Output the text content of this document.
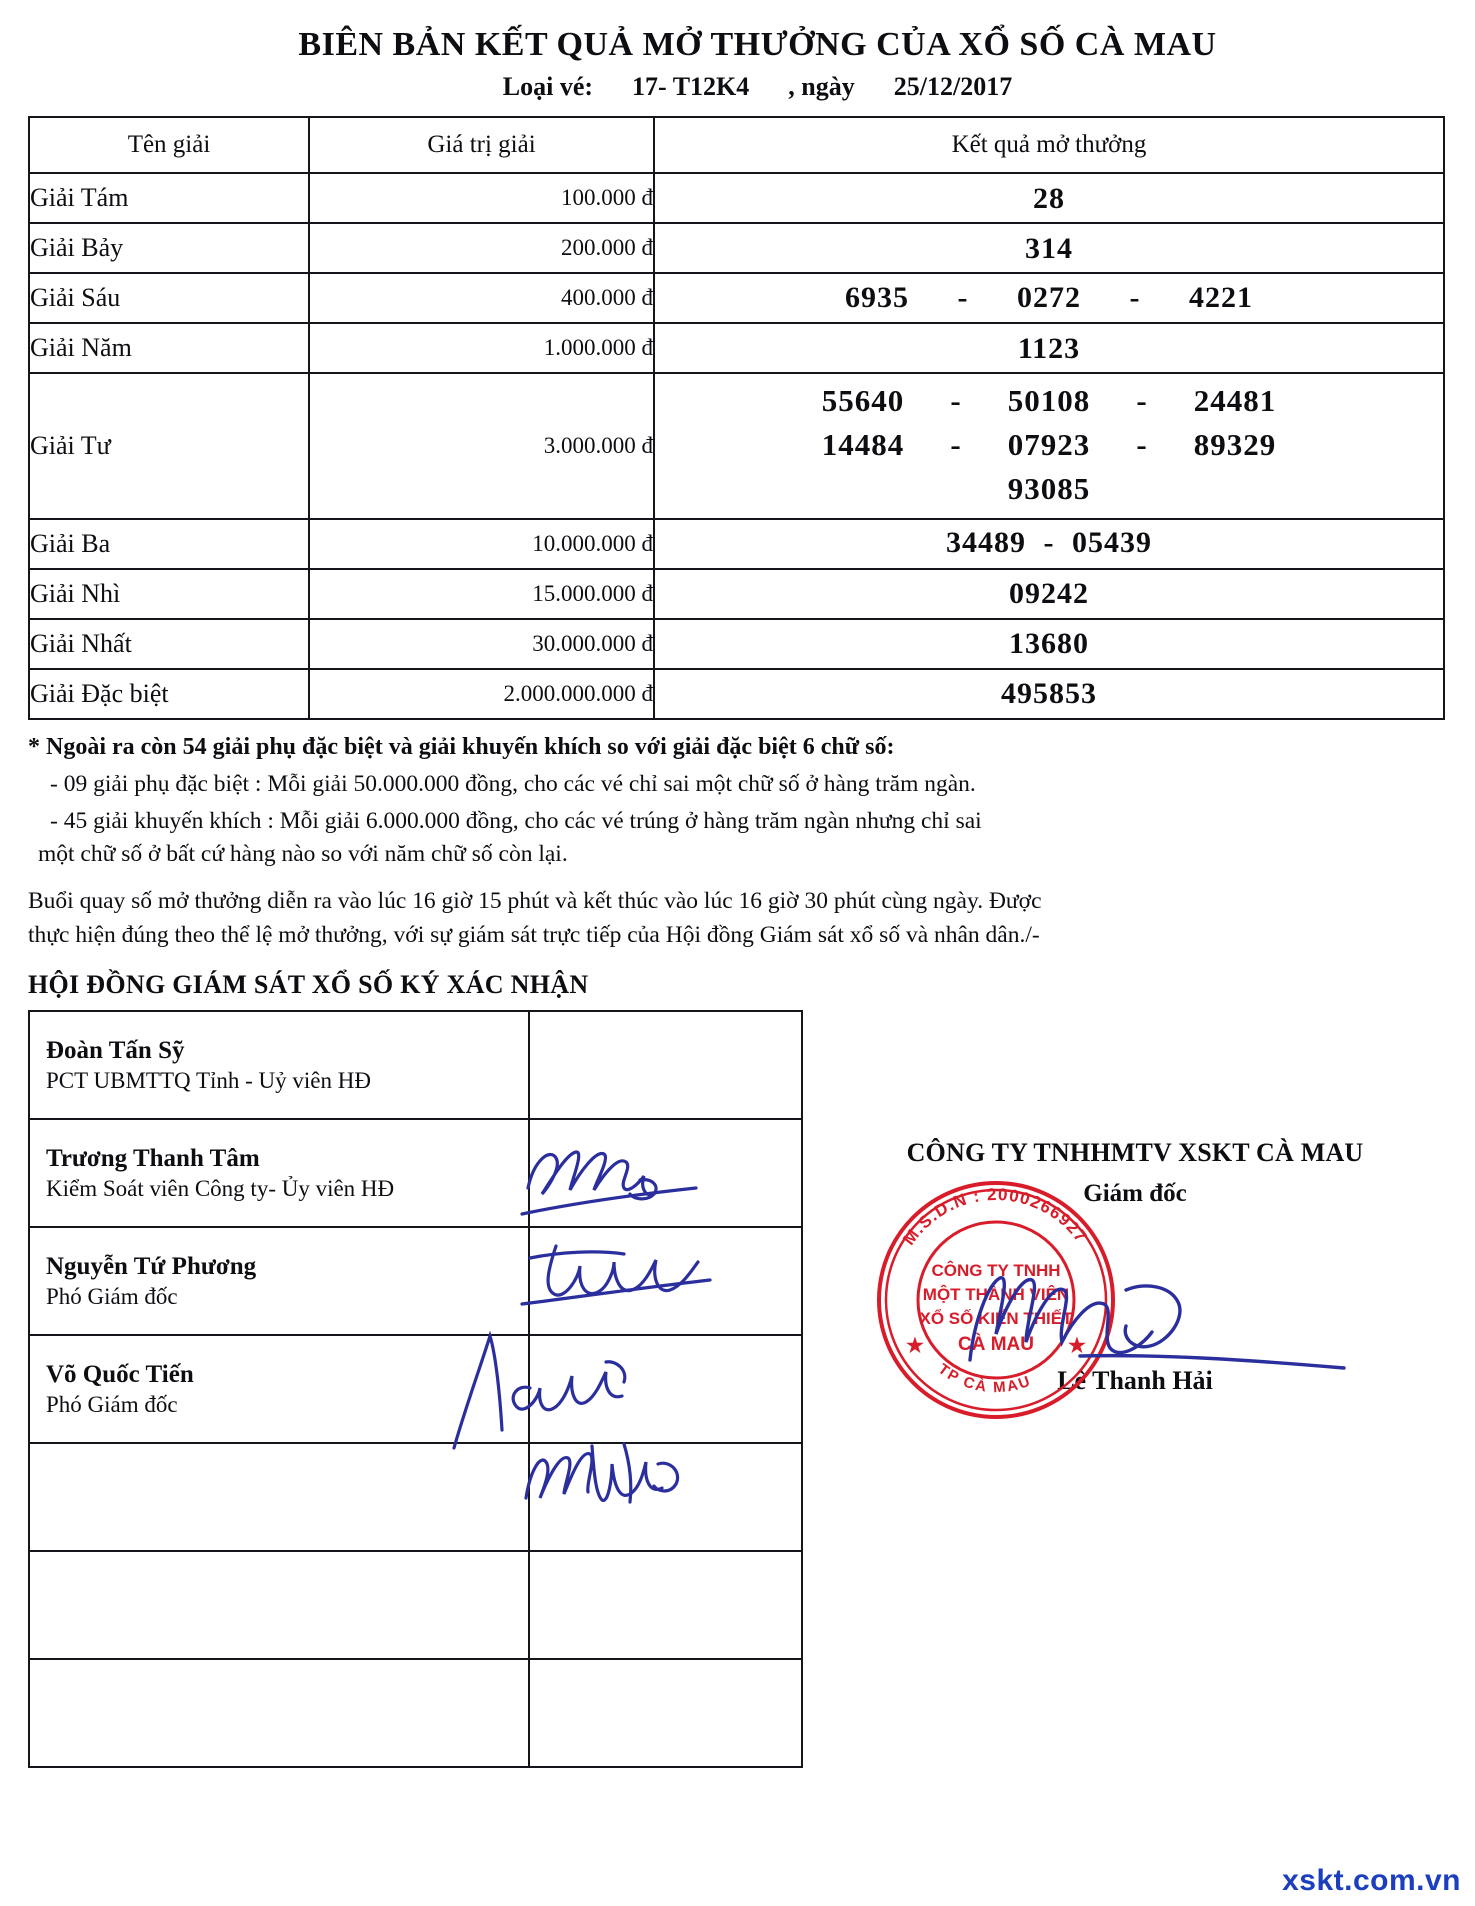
BIÊN BẢN KẾT QUẢ MỞ THƯỞNG CỦA XỔ SỐ CÀ MAU
Loại vé: 17- T12K4 , ngày 25/12/2017
Tên giải	Giá trị giải	Kết quả mở thưởng
Giải Tám	100.000 đ	28
Giải Bảy	200.000 đ	314
Giải Sáu	400.000 đ	6935 - 0272 - 4221

Giải Năm	1.000.000 đ	1123
Giải Tư	3.000.000 đ	
55640	-	50108	-	24481
14484	-	07923	-	89329
93085

Giải Ba	10.000.000 đ	34489 - 05439

Giải Nhì	15.000.000 đ	09242
Giải Nhất	30.000.000 đ	13680
Giải Đặc biệt	2.000.000.000 đ	495853
* Ngoài ra còn 54 giải phụ đặc biệt và giải khuyến khích so với giải đặc biệt 6 chữ số:
- 09 giải phụ đặc biệt : Mỗi giải 50.000.000 đồng, cho các vé chỉ sai một chữ số ở hàng trăm ngàn.
- 45 giải khuyến khích : Mỗi giải 6.000.000 đồng, cho các vé trúng ở hàng trăm ngàn nhưng chỉ sai
một chữ số ở bất cứ hàng nào so với năm chữ số còn lại.
Buổi quay số mở thưởng diễn ra vào lúc 16 giờ 15 phút và kết thúc vào lúc 16 giờ 30 phút cùng ngày. Được
thực hiện đúng theo thể lệ mở thưởng, với sự giám sát trực tiếp của Hội đồng Giám sát xổ số và nhân dân./-
HỘI ĐỒNG GIÁM SÁT XỔ SỐ KÝ XÁC NHẬN
Đoàn Tấn Sỹ
PCT UBMTTQ Tỉnh - Uỷ viên HĐ	

Trương Thanh Tâm
Kiểm Soát viên Công ty- Ủy viên HĐ	

Nguyễn Tứ Phương
Phó Giám đốc	

Võ Quốc Tiến
Phó Giám đốc	

CÔNG TY TNHHMTV XSKT CÀ MAU
Giám đốc
Lê Thanh Hải
M.S.D.N : 2000266927
TP CÀ MAU
CÔNG TY TNHH
MỘT THÀNH VIÊN
XỔ SỐ KIẾN THIẾT
CÀ MAU
★	★
xskt.com.vn
